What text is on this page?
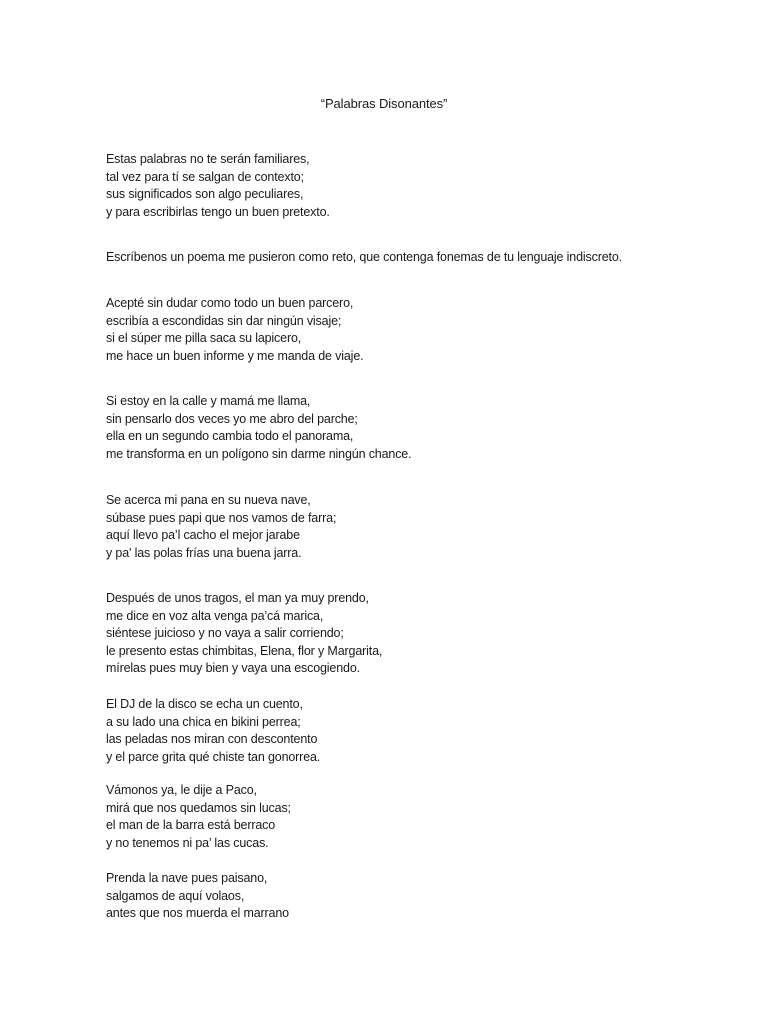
“Palabras Disonantes”
Estas palabras no te serán familiares,
tal vez para tí se salgan de contexto;
sus significados son algo peculiares,
y para escribirlas tengo un buen pretexto.
Escríbenos un poema me pusieron como reto, que contenga fonemas de tu lenguaje indiscreto.
Acepté sin dudar como todo un buen parcero,
escribía a escondidas sin dar ningún visaje;
si el súper me pilla saca su lapicero,
me hace un buen informe y me manda de viaje.
Si estoy en la calle y mamá me llama,
sin pensarlo dos veces yo me abro del parche;
ella en un segundo cambia todo el panorama,
me transforma en un polígono sin darme ningún chance.
Se acerca mi pana en su nueva nave,
súbase pues papi que nos vamos de farra;
aquí llevo pa’l cacho el mejor jarabe
y pa' las polas frías una buena jarra.
Después de unos tragos, el man ya muy prendo,
me dice en voz alta venga pa’cá marica,
siéntese juicioso y no vaya a salir corriendo;
le presento estas chimbitas, Elena, flor y Margarita,
mírelas pues muy bien y vaya una escogiendo.
El DJ de la disco se echa un cuento,
a su lado una chica en bikini perrea;
las peladas nos miran con descontento
y el parce grita qué chiste tan gonorrea.
Vámonos ya, le dije a Paco,
mirá que nos quedamos sin lucas;
el man de la barra está berraco
y no tenemos ni pa’ las cucas.
Prenda la nave pues paisano,
salgamos de aquí volaos,
antes que nos muerda el marrano
